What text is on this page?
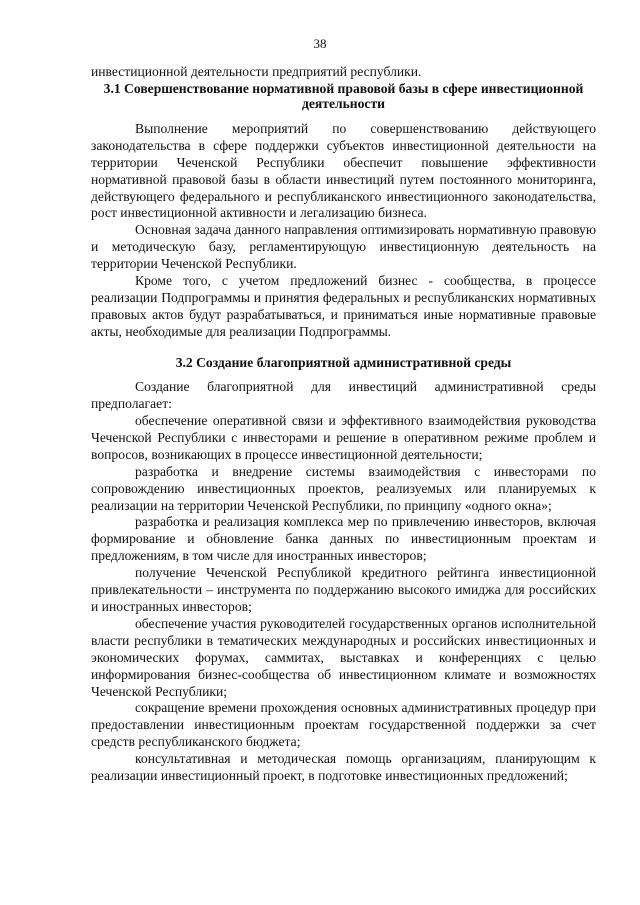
38

инвестиционной деятельности предприятий республики.

3.1 Совершенствование нормативной правовой базы в сфере инвестиционной деятельности

Выполнение мероприятий по совершенствованию действующего законодательства в сфере поддержки субъектов инвестиционной деятельности на территории Чеченской Республики обеспечит повышение эффективности нормативной правовой базы в области инвестиций путем постоянного мониторинга, действующего федерального и республиканского инвестиционного законодательства, рост инвестиционной активности и легализацию бизнеса.

Основная задача данного направления оптимизировать нормативную правовую и методическую базу, регламентирующую инвестиционную деятельность на территории Чеченской Республики.

Кроме того, с учетом предложений бизнес - сообщества, в процессе реализации Подпрограммы и принятия федеральных и республиканских нормативных правовых актов будут разрабатываться, и приниматься иные нормативные правовые акты, необходимые для реализации Подпрограммы.

3.2 Создание благоприятной административной среды

Создание благоприятной для инвестиций административной среды предполагает:

обеспечение оперативной связи и эффективного взаимодействия руководства Чеченской Республики с инвесторами и решение в оперативном режиме проблем и вопросов, возникающих в процессе инвестиционной деятельности;

разработка и внедрение системы взаимодействия с инвесторами по сопровождению инвестиционных проектов, реализуемых или планируемых к реализации на территории Чеченской Республики, по принципу «одного окна»;

разработка и реализация комплекса мер по привлечению инвесторов, включая формирование и обновление банка данных по инвестиционным проектам и предложениям, в том числе для иностранных инвесторов;

получение Чеченской Республикой кредитного рейтинга инвестиционной привлекательности – инструмента по поддержанию высокого имиджа для российских и иностранных инвесторов;

обеспечение участия руководителей государственных органов исполнительной власти республики в тематических международных и российских инвестиционных и экономических форумах, саммитах, выставках и конференциях с целью информирования бизнес-сообщества об инвестиционном климате и возможностях Чеченской Республики;

сокращение времени прохождения основных административных процедур при предоставлении инвестиционным проектам государственной поддержки за счет средств республиканского бюджета;

консультативная и методическая помощь организациям, планирующим к реализации инвестиционный проект, в подготовке инвестиционных предложений;
